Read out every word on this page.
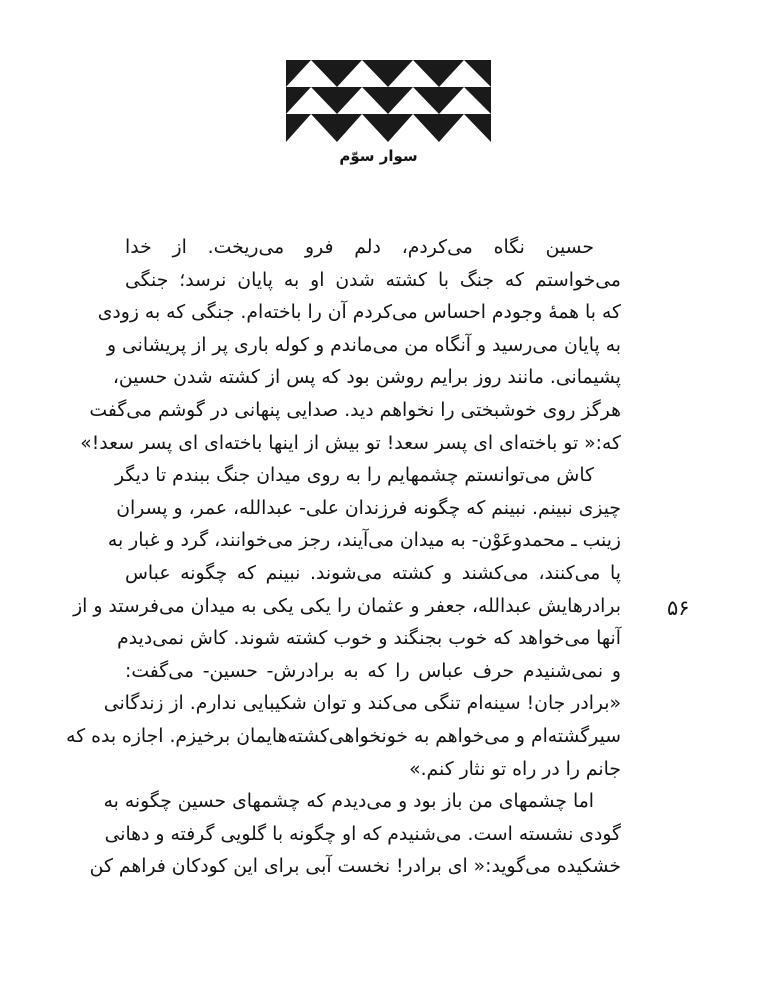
سوار سوّم
۵۶
حسین نگاه می‌کردم، دلم فرو می‌ریخت. از خدا
می‌خواستم که جنگ با کشته شدن او به پایان نرسد؛ جنگی
که با همهٔ وجودم احساس می‌کردم آن را باخته‌ام. جنگی که به زودی
به پایان می‌رسید و آنگاه من می‌ماندم و کوله باری پر از پریشانی و
پشیمانی. مانند روز برایم روشن بود که پس از کشته شدن حسین،
هرگز روی خوشبختی را نخواهم دید. صدایی پنهانی در گوشم می‌گفت
که:« تو باخته‌ای ای پسر سعد! تو بیش از اینها باخته‌ای ای پسر سعد!»
کاش می‌توانستم چشمهایم را به روی میدان جنگ ببندم تا دیگر
چیزی نبینم. نبینم که چگونه فرزندان علی- عبدالله، عمر، و پسران
زینب ـ محمدوعَوْن- به میدان می‌آیند، رجز می‌خوانند، گرد و غبار به
پا می‌کنند، می‌کشند و کشته می‌شوند. نبینم که چگونه عباس
برادرهایش عبدالله، جعفر و عثمان را یکی یکی به میدان می‌فرستد و از
آنها می‌خواهد که خوب بجنگند و خوب کشته شوند. کاش نمی‌دیدم
و نمی‌شنیدم حرف عباس را که به برادرش- حسین- می‌گفت:
«برادر جان! سینه‌ام تنگی می‌کند و توان شکیبایی ندارم. از زندگانی
سیرگشته‌ام و می‌خواهم به خونخواهی‌کشته‌هایمان برخیزم. اجازه بده که
جانم را در راه تو نثار کنم.»
اما چشمهای من باز بود و می‌دیدم که چشمهای حسین چگونه به
گودی نشسته است. می‌شنیدم که او چگونه با گلویی گرفته و دهانی
خشکیده می‌گوید:« ای برادر! نخست آبی برای این کودکان فراهم کن
